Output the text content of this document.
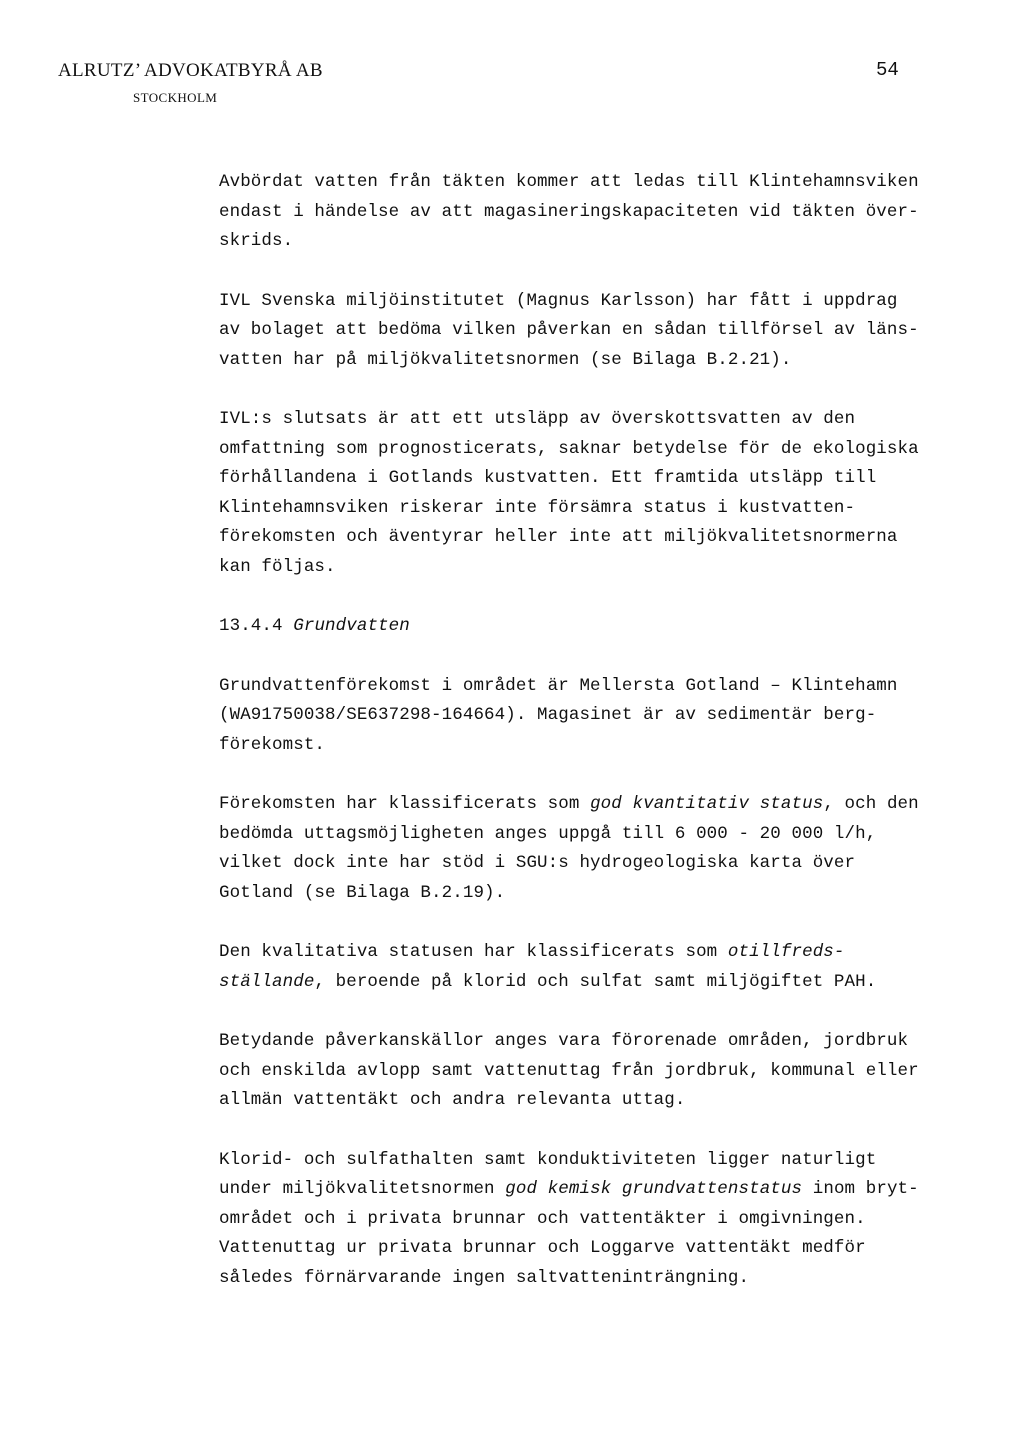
ALRUTZ’ ADVOKATBYRÅ AB
STOCKHOLM
54
Avbördat vatten från täkten kommer att ledas till Klintehamnsviken
endast i händelse av att magasineringskapaciteten vid täkten över-
skrids.
IVL Svenska miljöinstitutet (Magnus Karlsson) har fått i uppdrag
av bolaget att bedöma vilken påverkan en sådan tillförsel av läns-
vatten har på miljökvalitetsnormen (se Bilaga B.2.21).
IVL:s slutsats är att ett utsläpp av överskottsvatten av den
omfattning som prognosticerats, saknar betydelse för de ekologiska
förhållandena i Gotlands kustvatten. Ett framtida utsläpp till
Klintehamnsviken riskerar inte försämra status i kustvatten-
förekomsten och äventyrar heller inte att miljökvalitetsnormerna
kan följas.
13.4.4 Grundvatten
Grundvattenförekomst i området är Mellersta Gotland – Klintehamn
(WA91750038/SE637298-164664). Magasinet är av sedimentär berg-
förekomst.
Förekomsten har klassificerats som god kvantitativ status, och den
bedömda uttagsmöjligheten anges uppgå till 6 000 - 20 000 l/h,
vilket dock inte har stöd i SGU:s hydrogeologiska karta över
Gotland (se Bilaga B.2.19).
Den kvalitativa statusen har klassificerats som otillfreds-
ställande, beroende på klorid och sulfat samt miljögiftet PAH.
Betydande påverkanskällor anges vara förorenade områden, jordbruk
och enskilda avlopp samt vattenuttag från jordbruk, kommunal eller
allmän vattentäkt och andra relevanta uttag.
Klorid- och sulfathalten samt konduktiviteten ligger naturligt
under miljökvalitetsnormen god kemisk grundvattenstatus inom bryt-
området och i privata brunnar och vattentäkter i omgivningen.
Vattenuttag ur privata brunnar och Loggarve vattentäkt medför
således förnärvarande ingen saltvatteninträngning.
